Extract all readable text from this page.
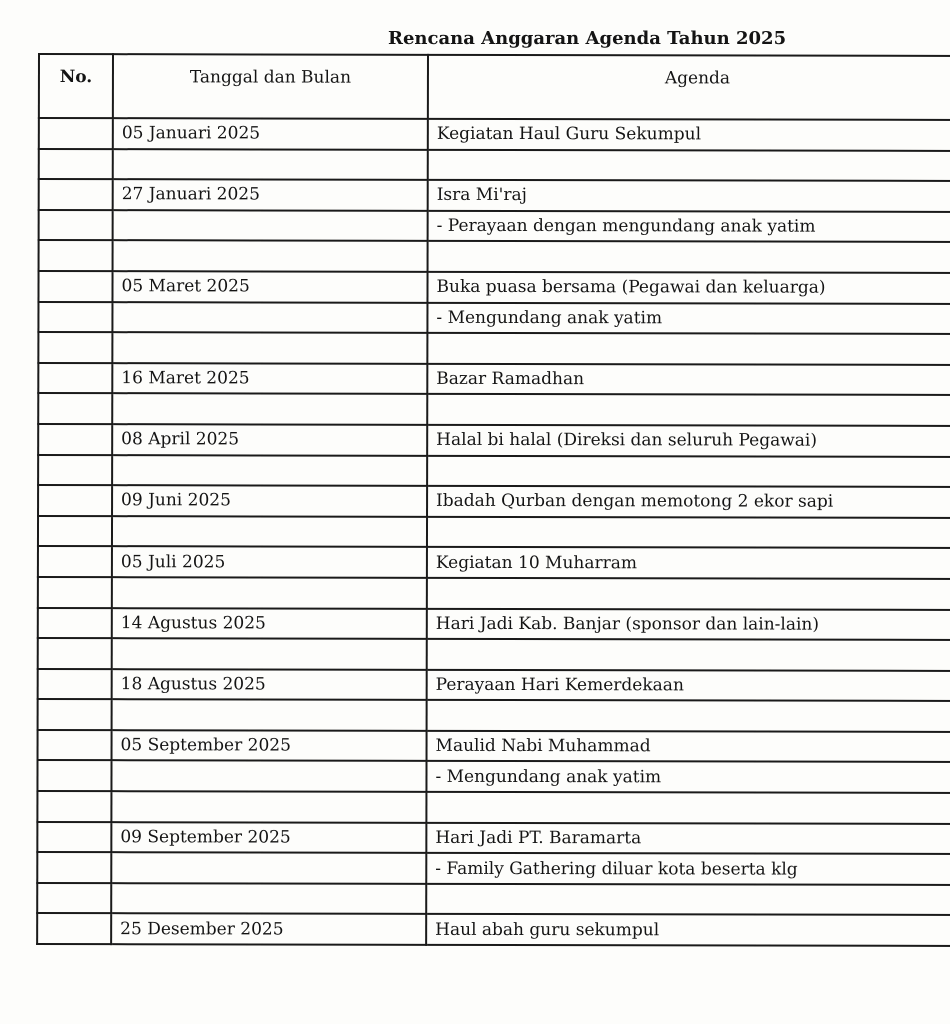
Rencana Anggaran Agenda Tahun 2025
No.	Tanggal dan Bulan	Agenda
	05 Januari 2025	Kegiatan Haul Guru Sekumpul

	27 Januari 2025	Isra Mi'raj
		- Perayaan dengan mengundang anak yatim

	05 Maret 2025	Buka puasa bersama (Pegawai dan keluarga)
		- Mengundang anak yatim

	16 Maret 2025	Bazar Ramadhan

	08 April 2025	Halal bi halal (Direksi dan seluruh Pegawai)

	09 Juni 2025	Ibadah Qurban dengan memotong 2 ekor sapi

	05 Juli 2025	Kegiatan 10 Muharram

	14 Agustus 2025	Hari Jadi Kab. Banjar (sponsor dan lain-lain)

	18 Agustus 2025	Perayaan Hari Kemerdekaan

	05 September 2025	Maulid Nabi Muhammad
		- Mengundang anak yatim

	09 September 2025	Hari Jadi PT. Baramarta
		- Family Gathering diluar kota beserta klg

	25 Desember 2025	Haul abah guru sekumpul
